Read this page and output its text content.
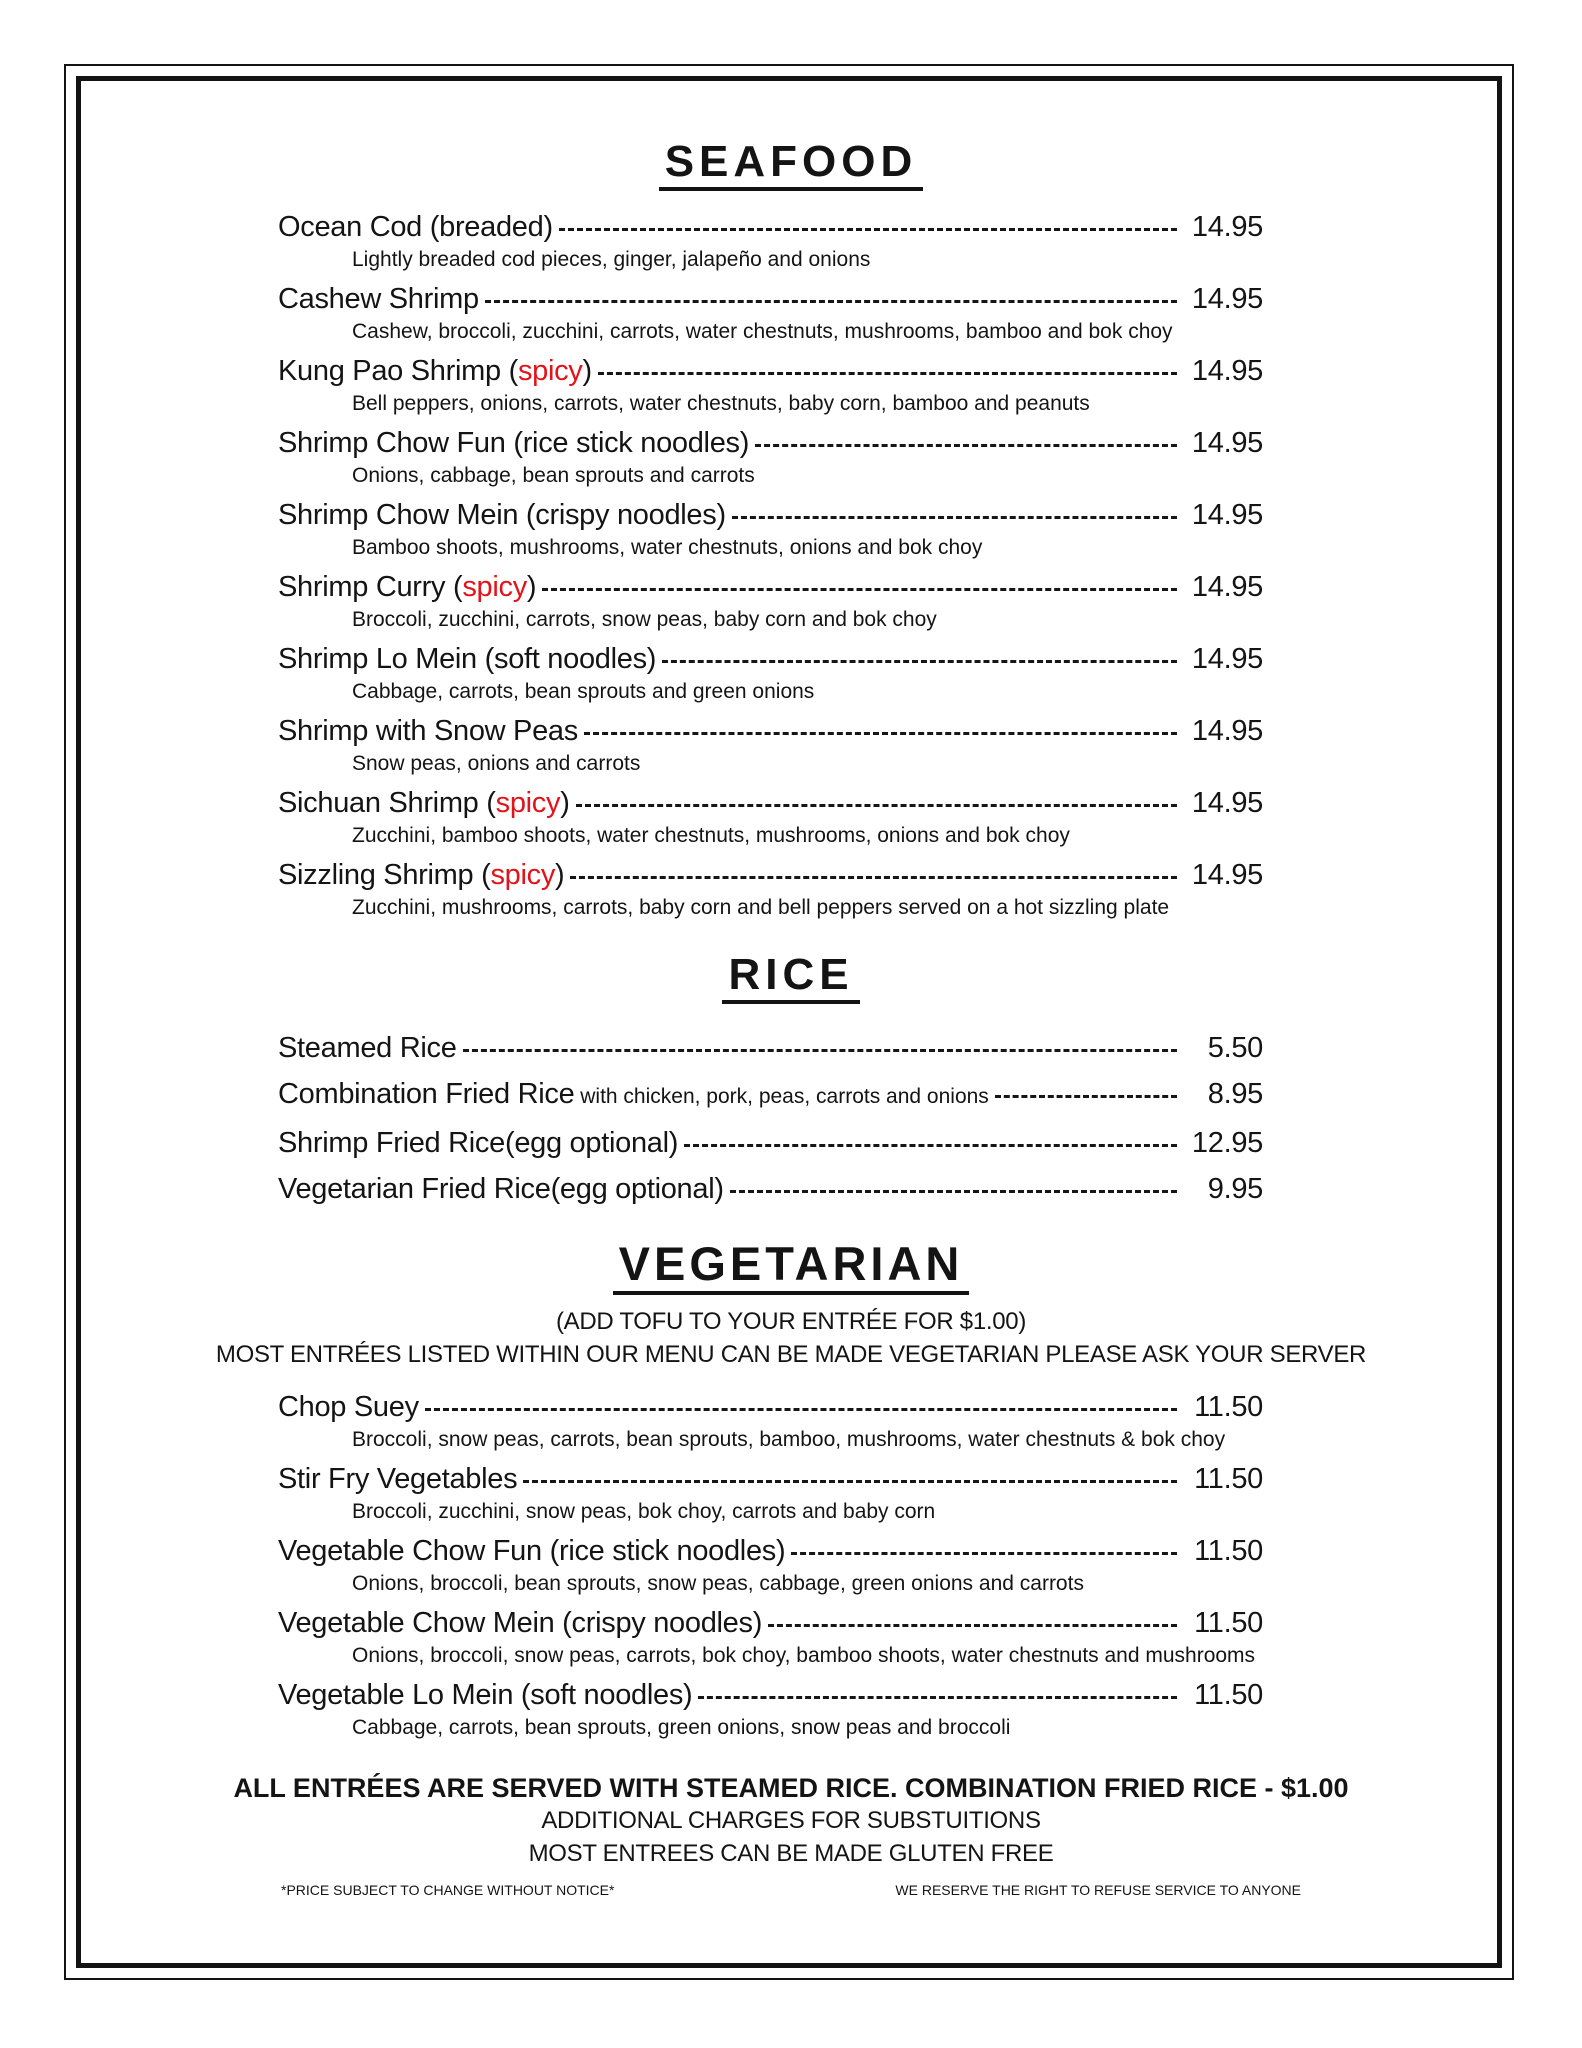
SEAFOOD
Ocean Cod (breaded)	14.95
Lightly breaded cod pieces, ginger, jalapeño and onions
Cashew Shrimp	14.95
Cashew, broccoli, zucchini, carrots, water chestnuts, mushrooms, bamboo and bok choy
Kung Pao Shrimp (spicy)	14.95
Bell peppers, onions, carrots, water chestnuts, baby corn, bamboo and peanuts
Shrimp Chow Fun (rice stick noodles)	14.95
Onions, cabbage, bean sprouts and carrots
Shrimp Chow Mein (crispy noodles)	14.95
Bamboo shoots, mushrooms, water chestnuts, onions and bok choy
Shrimp Curry (spicy)	14.95
Broccoli, zucchini, carrots, snow peas, baby corn and bok choy
Shrimp Lo Mein (soft noodles)	14.95
Cabbage, carrots, bean sprouts and green onions
Shrimp with Snow Peas	14.95
Snow peas, onions and carrots
Sichuan Shrimp (spicy)	14.95
Zucchini, bamboo shoots, water chestnuts, mushrooms, onions and bok choy
Sizzling Shrimp (spicy)	14.95
Zucchini, mushrooms, carrots, baby corn and bell peppers served on a hot sizzling plate
RICE
Steamed Rice	5.50
Combination Fried Rice with chicken, pork, peas, carrots and onions	8.95
Shrimp Fried Rice(egg optional)	12.95
Vegetarian Fried Rice(egg optional)	9.95
VEGETARIAN
(ADD TOFU TO YOUR ENTRÉE FOR $1.00)
MOST ENTRÉES LISTED WITHIN OUR MENU CAN BE MADE VEGETARIAN PLEASE ASK YOUR SERVER
Chop Suey	11.50
Broccoli, snow peas, carrots, bean sprouts, bamboo, mushrooms, water chestnuts & bok choy
Stir Fry Vegetables	11.50
Broccoli, zucchini, snow peas, bok choy, carrots and baby corn
Vegetable Chow Fun (rice stick noodles)	11.50
Onions, broccoli, bean sprouts, snow peas, cabbage, green onions and carrots
Vegetable Chow Mein (crispy noodles)	11.50
Onions, broccoli, snow peas, carrots, bok choy, bamboo shoots, water chestnuts and mushrooms
Vegetable Lo Mein (soft noodles)	11.50
Cabbage, carrots, bean sprouts, green onions, snow peas and broccoli
ALL ENTRÉES ARE SERVED WITH STEAMED RICE. COMBINATION FRIED RICE - $1.00
ADDITIONAL CHARGES FOR SUBSTUITIONS
MOST ENTREES CAN BE MADE GLUTEN FREE
*PRICE SUBJECT TO CHANGE WITHOUT NOTICE*	WE RESERVE THE RIGHT TO REFUSE SERVICE TO ANYONE
